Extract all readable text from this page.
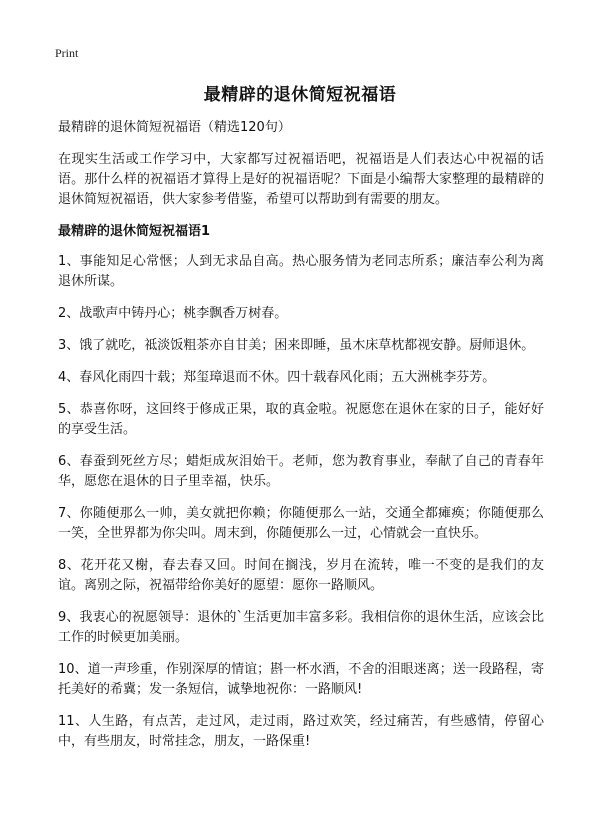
Print
最精辟的退休简短祝福语

最精辟的退休简短祝福语（精选120句）

在现实生活或工作学习中，大家都写过祝福语吧，祝福语是人们表达心中祝福的话语。那什么样的祝福语才算得上是好的祝福语呢？下面是小编帮大家整理的最精辟的退休简短祝福语，供大家参考借鉴，希望可以帮助到有需要的朋友。

最精辟的退休简短祝福语1

1、事能知足心常惬；人到无求品自高。热心服务情为老同志所系；廉洁奉公利为离退休所谋。

2、战歌声中铸丹心；桃李飘香万树春。

3、饿了就吃，祗淡饭粗茶亦自甘美；困来即睡，虽木床草枕都视安静。厨师退休。

4、春风化雨四十载；郑玺璋退而不休。四十载春风化雨；五大洲桃李芬芳。

5、恭喜你呀，这回终于修成正果，取的真金啦。祝愿您在退休在家的日子，能好好的享受生活。

6、春蚕到死丝方尽；蜡炬成灰泪始干。老师，您为教育事业，奉献了自己的青春年华，愿您在退休的日子里幸福，快乐。

7、你随便那么一帅，美女就把你赖；你随便那么一站，交通全都瘫痪；你随便那么一笑，全世界都为你尖叫。周末到，你随便那么一过，心情就会一直快乐。

8、花开花又榭，春去春又回。时间在搁浅，岁月在流转，唯一不变的是我们的友谊。离别之际，祝福带给你美好的愿望：愿你一路顺风。

9、我衷心的祝愿领导：退休的`生活更加丰富多彩。我相信你的退休生活，应该会比工作的时候更加美丽。

10、道一声珍重，作别深厚的情谊；斟一杯水酒，不舍的泪眼迷离；送一段路程，寄托美好的希冀；发一条短信，诚挚地祝你：一路顺风!

11、人生路，有点苦，走过风，走过雨，路过欢笑，经过痛苦，有些感情，停留心中，有些朋友，时常挂念，朋友，一路保重!
